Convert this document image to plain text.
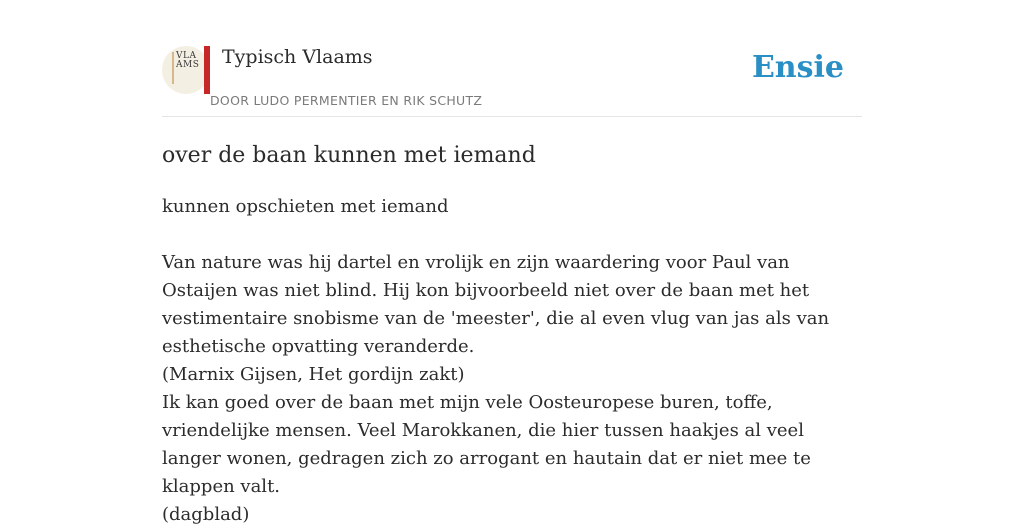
VLAAMS Typisch Vlaams
DOOR LUDO PERMENTIER EN RIK SCHUTZ
Ensie
over de baan kunnen met iemand
kunnen opschieten met iemand

Van nature was hij dartel en vrolijk en zijn waardering voor Paul van Ostaijen was niet blind. Hij kon bijvoorbeeld niet over de baan met het vestimentaire snobisme van de 'meester', die al even vlug van jas als van esthetische opvatting veranderde.

(Marnix Gijsen, Het gordijn zakt)

Ik kan goed over de baan met mijn vele Oosteuropese buren, toffe, vriendelijke mensen. Veel Marokkanen, die hier tussen haakjes al veel langer wonen, gedragen zich zo arrogant en hautain dat er niet mee te klappen valt.

(dagblad)
